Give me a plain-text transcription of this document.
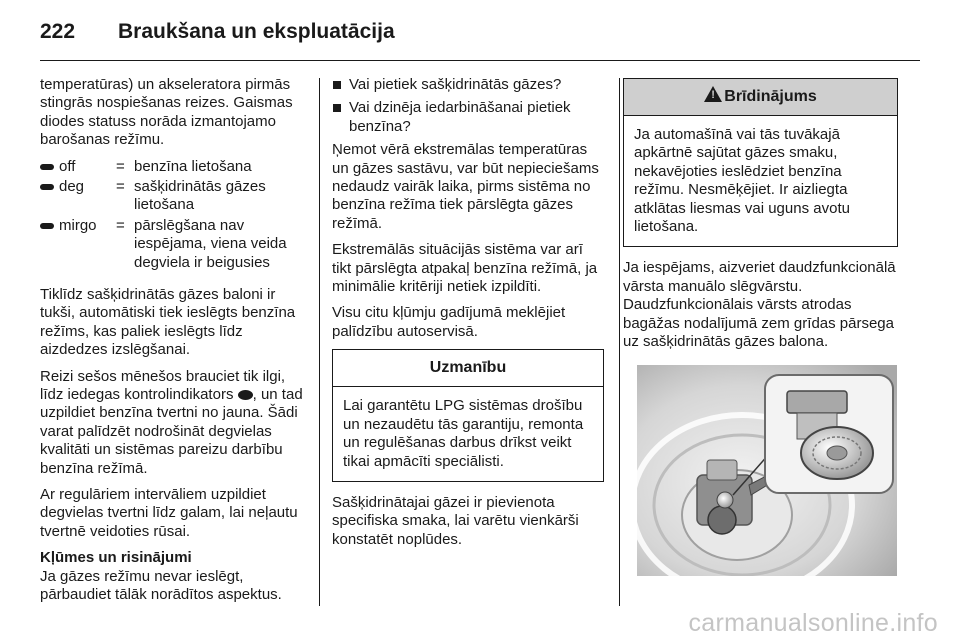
222 Braukšana un ekspluatācija

temperatūras) un akseleratora pirmās stingrās nospiešanas reizes. Gaismas diodes statuss norāda izmantojamo barošanas režīmu.

off	= benzīna lietošana
deg = sašķidrinātās gāzes lietošana
mirgo = pārslēgšana nav iespējama, viena veida degviela ir beigusies

Tiklīdz sašķidrinātās gāzes baloni ir tukši, automātiski tiek ieslēgts benzīna režīms, kas paliek ieslēgts līdz aizdedzes izslēgšanai.

Reizi sešos mēnešos brauciet tik ilgi, līdz iedegas kontrolindikators , un tad uzpildiet benzīna tvertni no jauna. Šādi varat palīdzēt nodrošināt degvielas kvalitāti un sistēmas pareizu darbību benzīna režīmā.

Ar regulāriem intervāliem uzpildiet degvielas tvertni līdz galam, lai neļautu tvertnē veidoties rūsai.

Kļūmes un risinājumi

Ja gāzes režīmu nevar ieslēgt, pārbaudiet tālāk norādītos aspektus.

Vai pietiek sašķidrinātās gāzes?
Vai dzinēja iedarbināšanai pietiek benzīna?

Ņemot vērā ekstremālas temperatūras un gāzes sastāvu, var būt nepieciešams nedaudz vairāk laika, pirms sistēma no benzīna režīma tiek pārslēgta gāzes režīmā.

Ekstremālās situācijās sistēma var arī tikt pārslēgta atpakaļ benzīna režīmā, ja minimālie kritēriji netiek izpildīti.

Visu citu kļūmju gadījumā meklējiet palīdzību autoservisā.

Uzmanību
Lai garantētu LPG sistēmas drošību un nezaudētu tās garantiju, remonta un regulēšanas darbus drīkst veikt tikai apmācīti speciālisti.

Sašķidrinātajai gāzei ir pievienota specifiska smaka, lai varētu vienkārši konstatēt noplūdes.

!Brīdinājums
Ja automašīnā vai tās tuvākajā apkārtnē sajūtat gāzes smaku, nekavējoties ieslēdziet benzīna režīmu. Nesmēķējiet. Ir aizliegta atklātas liesmas vai uguns avotu lietošana.

Ja iespējams, aizveriet daudzfunkcionālā vārsta manuālo slēgvārstu. Daudzfunkcionālais vārsts atrodas bagāžas nodalījumā zem grīdas pārsega uz sašķidrinātās gāzes balona.

carmanualsonline.info
